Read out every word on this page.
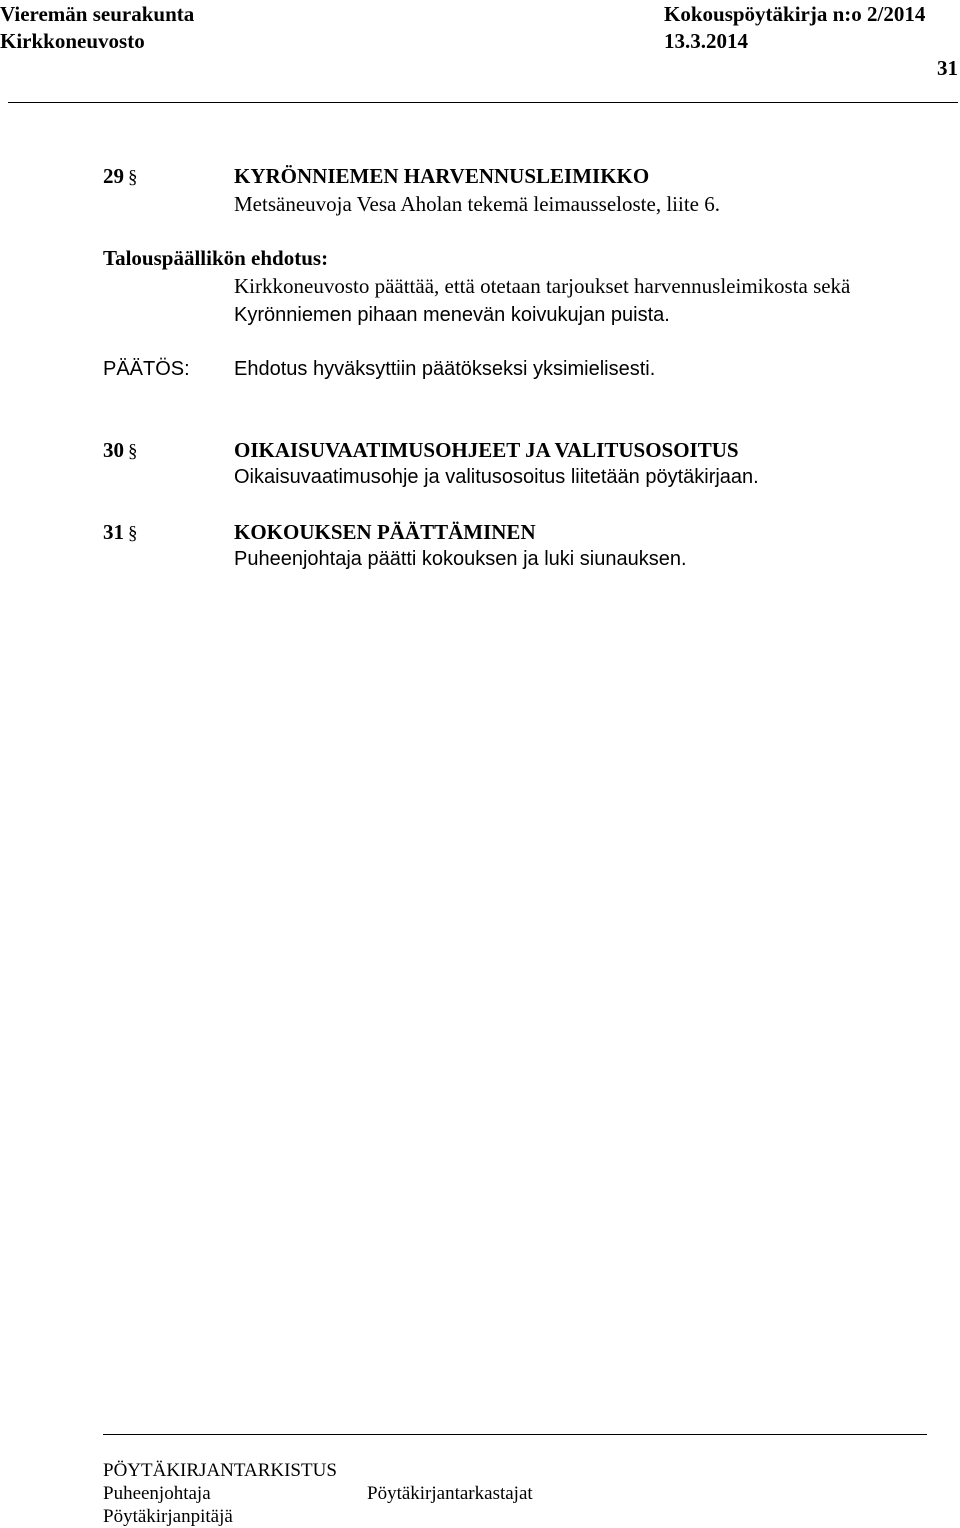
Vieremän seurakunta
Kirkkoneuvosto
Kokouspöytäkirja n:o 2/2014
13.3.2014
31
29 §	KYRÖNNIEMEN HARVENNUSLEIMIKKO
Metsäneuvoja Vesa Aholan tekemä leimausseloste, liite 6.
Talouspäällikön ehdotus:
Kirkkoneuvosto päättää, että otetaan tarjoukset harvennusleimikosta sekä
Kyrönniemen pihaan menevän koivukujan puista.
PÄÄTÖS: Ehdotus hyväksyttiin päätökseksi yksimielisesti.
30 §	OIKAISUVAATIMUSOHJEET JA VALITUSOSOITUS
Oikaisuvaatimusohje ja valitusosoitus liitetään pöytäkirjaan.
31 §	KOKOUKSEN PÄÄTTÄMINEN
Puheenjohtaja päätti kokouksen ja luki siunauksen.
PÖYTÄKIRJANTARKISTUS
Puheenjohtaja	Pöytäkirjantarkastajat
Pöytäkirjanpitäjä
